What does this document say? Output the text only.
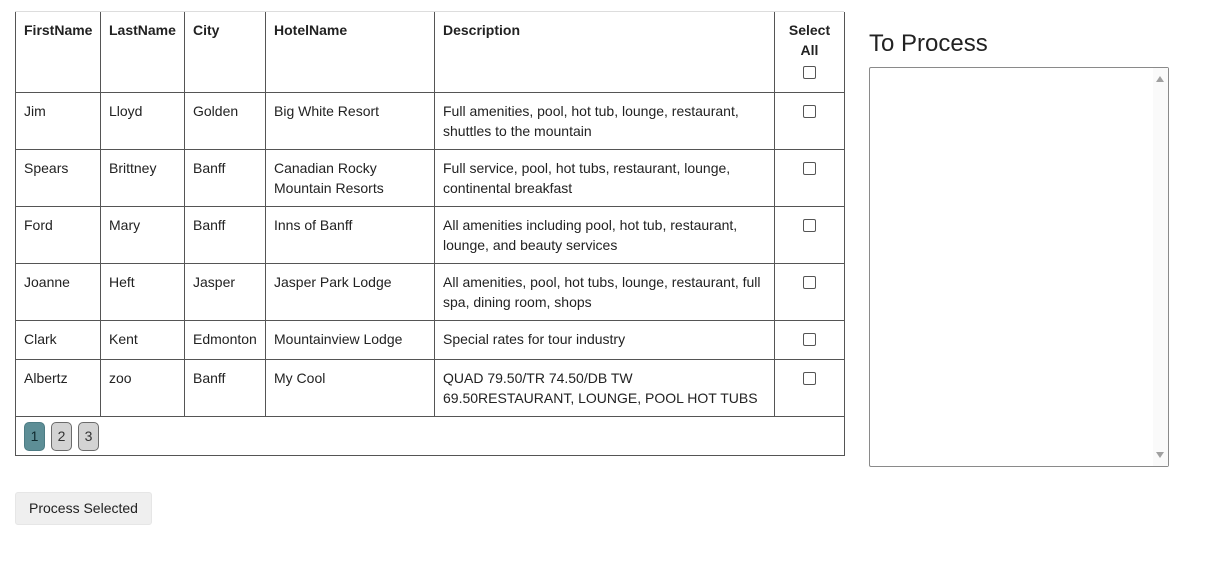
FirstName	LastName	City	HotelName	Description	Select All

Jim	Lloyd	Golden	Big White Resort	Full amenities, pool, hot tub, lounge, restaurant, shuttles to the mountain	
Spears	Brittney	Banff	Canadian Rocky Mountain Resorts	Full service, pool, hot tubs, restaurant, lounge, continental breakfast	
Ford	Mary	Banff	Inns of Banff	All amenities including pool, hot tub, restaurant, lounge, and beauty services	
Joanne	Heft	Jasper	Jasper Park Lodge	All amenities, pool, hot tubs, lounge, restaurant, full spa, dining room, shops	
Clark	Kent	Edmonton	Mountainview Lodge	Special rates for tour industry	
Albertz	zoo	Banff	My Cool	QUAD 79.50/TR 74.50/DB TW 69.50RESTAURANT, LOUNGE, POOL HOT TUBS	
1 2 3					
To Process
Process Selected
